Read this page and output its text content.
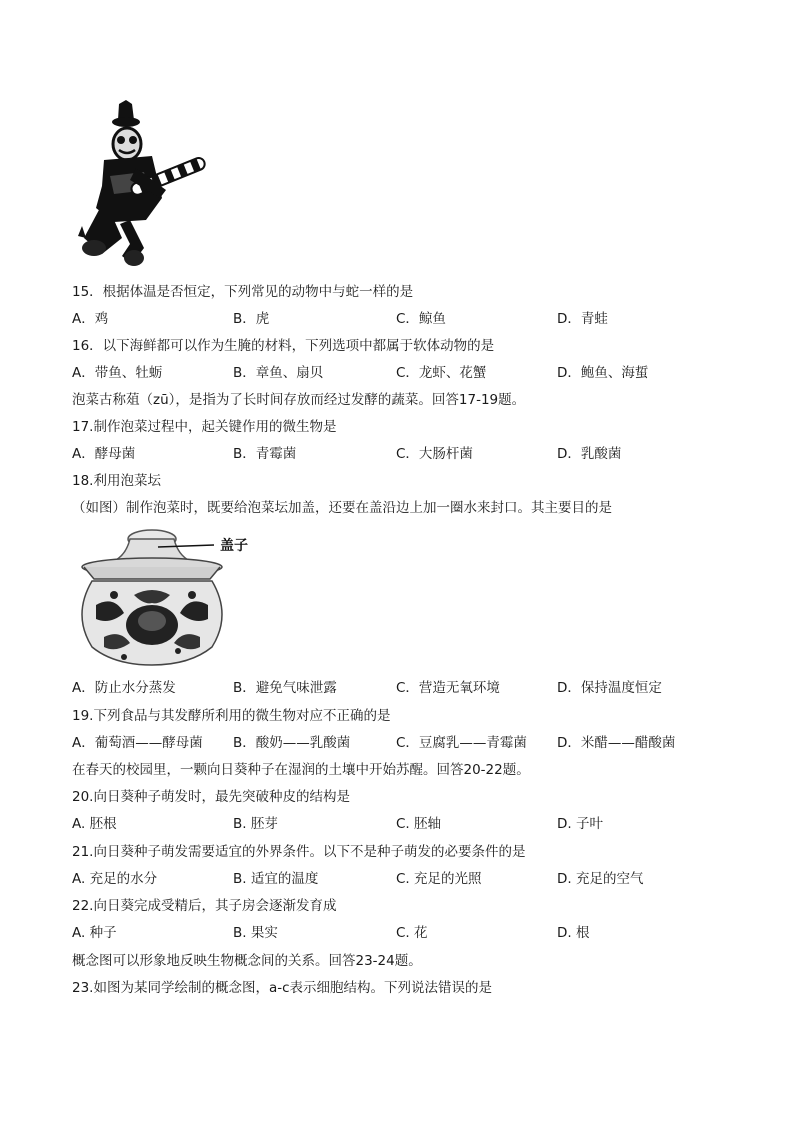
15．根据体温是否恒定，下列常见的动物中与蛇一样的是
A．鸡	B．虎	C．鲸鱼	D．青蛙
16．以下海鲜都可以作为生腌的材料，下列选项中都属于软体动物的是
A．带鱼、牡蛎	B．章鱼、扇贝	C．龙虾、花蟹	D．鲍鱼、海蜇
泡菜古称葅（zū），是指为了长时间存放而经过发酵的蔬菜。回答17-19题。
17.制作泡菜过程中，起关键作用的微生物是
A．酵母菌	B．青霉菌	C．大肠杆菌	D．乳酸菌
18.利用泡菜坛
（如图）制作泡菜时，既要给泡菜坛加盖，还要在盖沿边上加一圈水来封口。其主要目的是
盖子
A．防止水分蒸发	B．避免气味泄露	C．营造无氧环境	D．保持温度恒定
19.下列食品与其发酵所利用的微生物对应不正确的是
A．葡萄酒——酵母菌 B．酸奶——乳酸菌	C．豆腐乳——青霉菌 D．米醋——醋酸菌
在春天的校园里，一颗向日葵种子在湿润的土壤中开始苏醒。回答20-22题。
20.向日葵种子萌发时，最先突破种皮的结构是
A. 胚根	B. 胚芽	C. 胚轴	D. 子叶
21.向日葵种子萌发需要适宜的外界条件。以下不是种子萌发的必要条件的是
A. 充足的水分	B. 适宜的温度	C. 充足的光照	D. 充足的空气
22.向日葵完成受精后，其子房会逐渐发育成
A. 种子	B. 果实	C. 花	D. 根
概念图可以形象地反映生物概念间的关系。回答23-24题。
23.如图为某同学绘制的概念图，a-c表示细胞结构。下列说法错误的是
